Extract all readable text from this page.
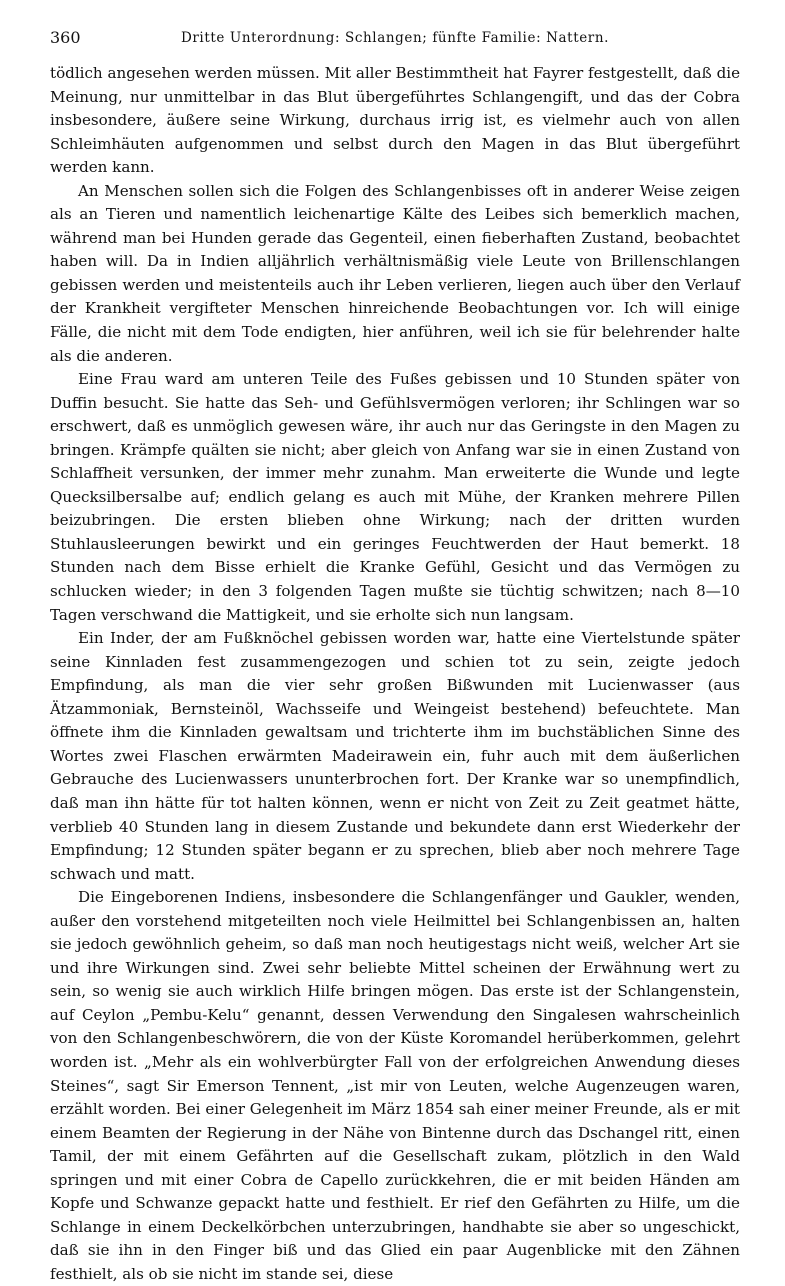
360	Dritte Unterordnung: Schlangen; fünfte Familie: Nattern.

tödlich angesehen werden müssen. Mit aller Bestimmtheit hat Fayrer festgestellt, daß die Meinung, nur unmittelbar in das Blut übergeführtes Schlangengift, und das der Cobra insbesondere, äußere seine Wirkung, durchaus irrig ist, es vielmehr auch von allen Schleimhäuten aufgenommen und selbst durch den Magen in das Blut übergeführt werden kann.

An Menschen sollen sich die Folgen des Schlangenbisses oft in anderer Weise zeigen als an Tieren und namentlich leichenartige Kälte des Leibes sich bemerklich machen, während man bei Hunden gerade das Gegenteil, einen fieberhaften Zustand, beobachtet haben will. Da in Indien alljährlich verhältnismäßig viele Leute von Brillenschlangen gebissen werden und meistenteils auch ihr Leben verlieren, liegen auch über den Verlauf der Krankheit vergifteter Menschen hinreichende Beobachtungen vor. Ich will einige Fälle, die nicht mit dem Tode endigten, hier anführen, weil ich sie für belehrender halte als die anderen.

Eine Frau ward am unteren Teile des Fußes gebissen und 10 Stunden später von Duffin besucht. Sie hatte das Seh- und Gefühlsvermögen verloren; ihr Schlingen war so erschwert, daß es unmöglich gewesen wäre, ihr auch nur das Geringste in den Magen zu bringen. Krämpfe quälten sie nicht; aber gleich von Anfang war sie in einen Zustand von Schlaffheit versunken, der immer mehr zunahm. Man erweiterte die Wunde und legte Quecksilbersalbe auf; endlich gelang es auch mit Mühe, der Kranken mehrere Pillen beizubringen. Die ersten blieben ohne Wirkung; nach der dritten wurden Stuhlausleerungen bewirkt und ein geringes Feuchtwerden der Haut bemerkt. 18 Stunden nach dem Bisse erhielt die Kranke Gefühl, Gesicht und das Vermögen zu schlucken wieder; in den 3 folgenden Tagen mußte sie tüchtig schwitzen; nach 8—10 Tagen verschwand die Mattigkeit, und sie erholte sich nun langsam.

Ein Inder, der am Fußknöchel gebissen worden war, hatte eine Viertelstunde später seine Kinnladen fest zusammengezogen und schien tot zu sein, zeigte jedoch Empfindung, als man die vier sehr großen Bißwunden mit Lucienwasser (aus Ätzammoniak, Bernsteinöl, Wachsseife und Weingeist bestehend) befeuchtete. Man öffnete ihm die Kinnladen gewaltsam und trichterte ihm im buchstäblichen Sinne des Wortes zwei Flaschen erwärmten Madeirawein ein, fuhr auch mit dem äußerlichen Gebrauche des Lucienwassers ununterbrochen fort. Der Kranke war so unempfindlich, daß man ihn hätte für tot halten können, wenn er nicht von Zeit zu Zeit geatmet hätte, verblieb 40 Stunden lang in diesem Zustande und bekundete dann erst Wiederkehr der Empfindung; 12 Stunden später begann er zu sprechen, blieb aber noch mehrere Tage schwach und matt.

Die Eingeborenen Indiens, insbesondere die Schlangenfänger und Gaukler, wenden, außer den vorstehend mitgeteilten noch viele Heilmittel bei Schlangenbissen an, halten sie jedoch gewöhnlich geheim, so daß man noch heutigestags nicht weiß, welcher Art sie und ihre Wirkungen sind. Zwei sehr beliebte Mittel scheinen der Erwähnung wert zu sein, so wenig sie auch wirklich Hilfe bringen mögen. Das erste ist der Schlangenstein, auf Ceylon „Pembu-Kelu“ genannt, dessen Verwendung den Singalesen wahrscheinlich von den Schlangenbeschwörern, die von der Küste Koromandel herüberkommen, gelehrt worden ist. „Mehr als ein wohlverbürgter Fall von der erfolgreichen Anwendung dieses Steines“, sagt Sir Emerson Tennent, „ist mir von Leuten, welche Augenzeugen waren, erzählt worden. Bei einer Gelegenheit im März 1854 sah einer meiner Freunde, als er mit einem Beamten der Regierung in der Nähe von Bintenne durch das Dschangel ritt, einen Tamil, der mit einem Gefährten auf die Gesellschaft zukam, plötzlich in den Wald springen und mit einer Cobra de Capello zurückkehren, die er mit beiden Händen am Kopfe und Schwanze gepackt hatte und festhielt. Er rief den Gefährten zu Hilfe, um die Schlange in einem Deckelkörbchen unterzubringen, handhabte sie aber so ungeschickt, daß sie ihn in den Finger biß und das Glied ein paar Augenblicke mit den Zähnen festhielt, als ob sie nicht im stande sei, diese
